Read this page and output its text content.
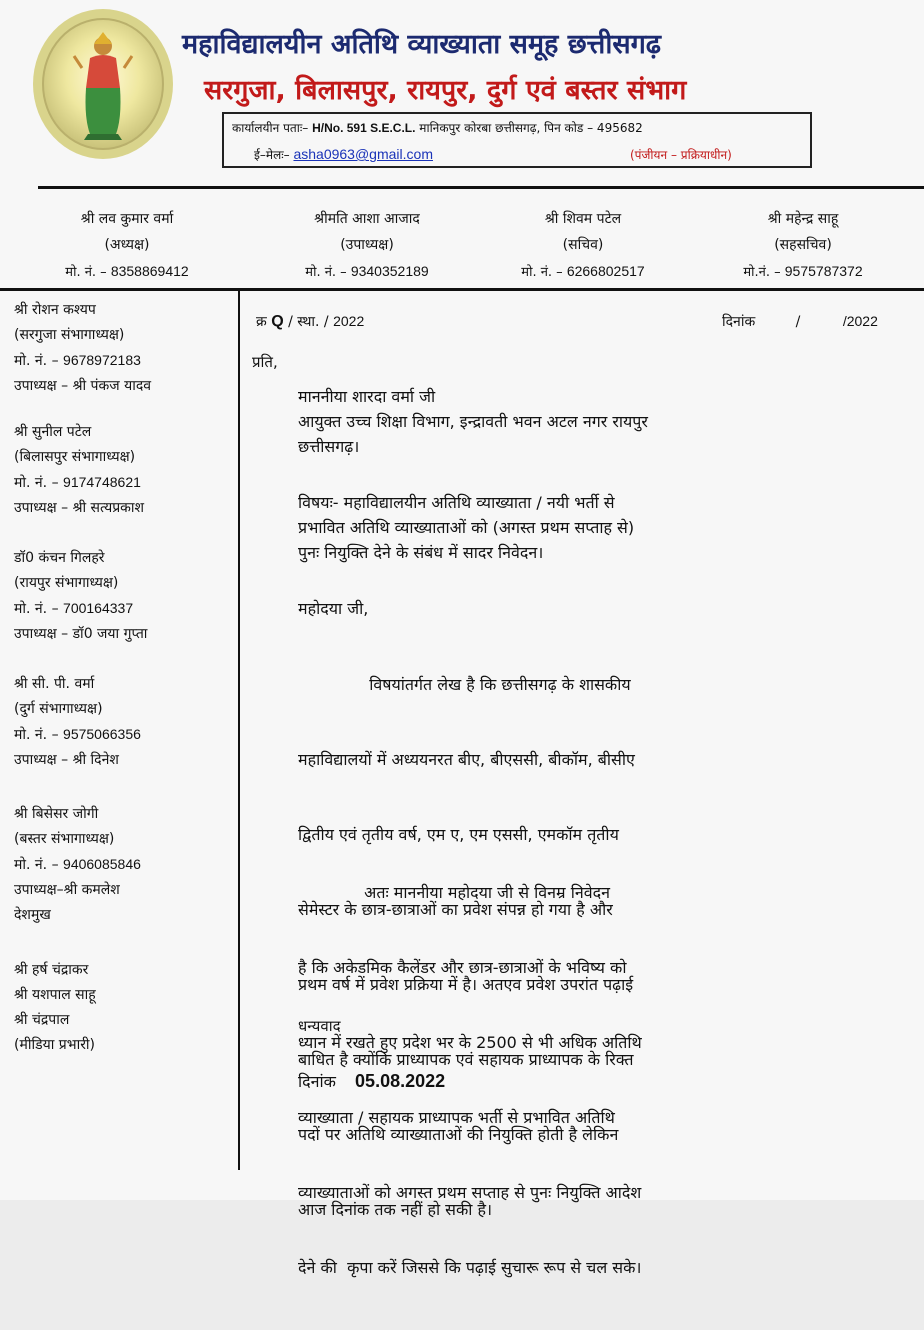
महाविद्यालयीन अतिथि व्याख्याता समूह छत्तीसगढ़
सरगुजा, बिलासपुर, रायपुर, दुर्ग एवं बस्तर संभाग
कार्यालयीन पताः– H/No. 591 S.E.C.L. मानिकपुर कोरबा छत्तीसगढ़, पिन कोड – 495682
ई–मेलः– asha0963@gmail.com	(पंजीयन – प्रक्रियाधीन)
श्री लव कुमार वर्मा
(अध्यक्ष)
मो. नं. – 8358869412
श्रीमति आशा आजाद
(उपाध्यक्ष)
मो. नं. – 9340352189
श्री शिवम पटेल
(सचिव)
मो. नं. – 6266802517
श्री महेन्द्र साहू
(सहसचिव)
मो.नं. – 9575787372
श्री रोशन कश्यप
(सरगुजा संभागाध्यक्ष)
मो. नं. – 9678972183
उपाध्यक्ष – श्री पंकज यादव
श्री सुनील पटेल
(बिलासपुर संभागाध्यक्ष)
मो. नं. – 9174748621
उपाध्यक्ष – श्री सत्यप्रकाश
डॉ0 कंचन गिलहरे
(रायपुर संभागाध्यक्ष)
मो. नं. – 700164337
उपाध्यक्ष – डॉ0 जया गुप्ता
श्री सी. पी. वर्मा
(दुर्ग संभागाध्यक्ष)
मो. नं. – 9575066356
उपाध्यक्ष – श्री दिनेश
श्री बिसेसर जोगी
(बस्तर संभागाध्यक्ष)
मो. नं. – 9406085846
उपाध्यक्ष–श्री कमलेश
देशमुख
श्री हर्ष चंद्राकर
श्री यशपाल साहू
श्री चंद्रपाल
(मीडिया प्रभारी)
क्र Q / स्था. / 2022	दिनांक	/	/2022
प्रति,
माननीया शारदा वर्मा जी
आयुक्त उच्च शिक्षा विभाग, इन्द्रावती भवन अटल नगर रायपुर
छत्तीसगढ़।
विषयः- महाविद्यालयीन अतिथि व्याख्याता / नयी भर्ती से
प्रभावित अतिथि व्याख्याताओं को (अगस्त प्रथम सप्ताह से)
पुनः नियुक्ति देने के संबंध में सादर निवेदन।
महोदया जी,

विषयांतर्गत लेख है कि छत्तीसगढ़ के शासकीय

महाविद्यालयों में अध्ययनरत बीए, बीएससी, बीकॉम, बीसीए

द्वितीय एवं तृतीय वर्ष, एम ए, एम एससी, एमकॉम तृतीय

सेमेस्टर के छात्र-छात्राओं का प्रवेश संपन्न हो गया है और

प्रथम वर्ष में प्रवेश प्रक्रिया में है। अतएव प्रवेश उपरांत पढ़ाई

बाधित है क्योंकि प्राध्यापक एवं सहायक प्राध्यापक के रिक्त

पदों पर अतिथि व्याख्याताओं की नियुक्ति होती है लेकिन

आज दिनांक तक नहीं हो सकी है।

अतः माननीया महोदया जी से विनम्र निवेदन

है कि अकेडमिक कैलेंडर और छात्र-छात्राओं के भविष्य को

ध्यान में रखते हुए प्रदेश भर के 2500 से भी अधिक अतिथि

व्याख्याता / सहायक प्राध्यापक भर्ती से प्रभावित अतिथि

व्याख्याताओं को अगस्त प्रथम सप्ताह से पुनः नियुक्ति आदेश

देने की  कृपा करें जिससे कि पढ़ाई सुचारू रूप से चल सके।

धन्यवाद
दिनांक 05.08.2022
